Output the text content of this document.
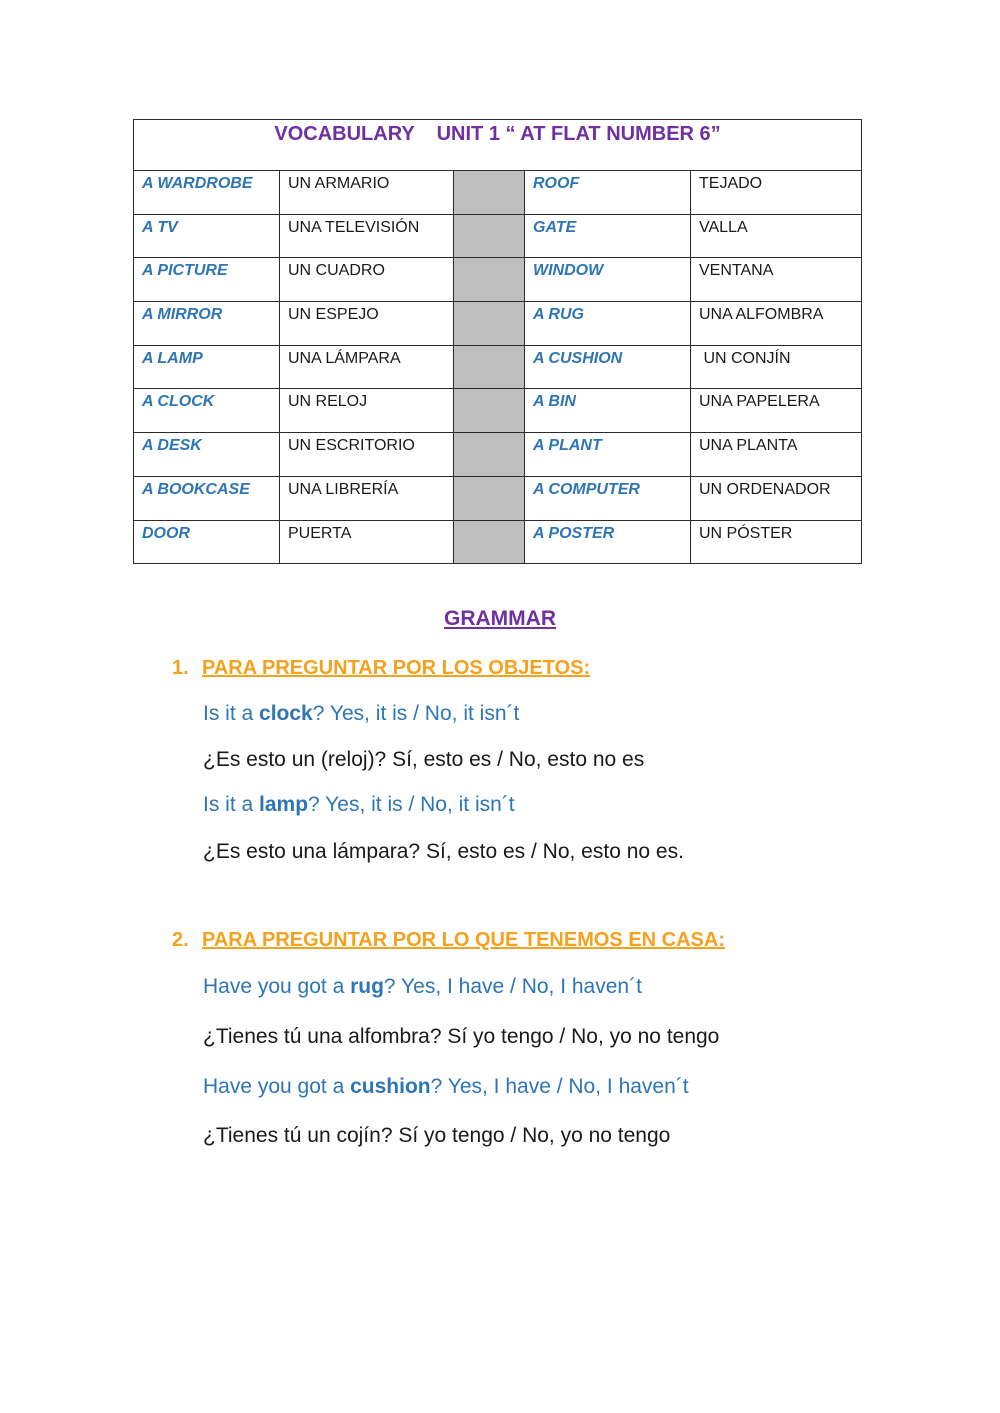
VOCABULARY    UNIT 1 “ AT FLAT NUMBER 6”				
A WARDROBE	UN ARMARIO		ROOF	TEJADO
A TV	UNA TELEVISIÓN		GATE	VALLA
A PICTURE	UN CUADRO		WINDOW	VENTANA
A MIRROR	UN ESPEJO		A RUG	UNA ALFOMBRA
A LAMP	UNA LÁMPARA		A CUSHION	UN CONJÍN
A CLOCK	UN RELOJ		A BIN	UNA PAPELERA
A DESK	UN ESCRITORIO		A PLANT	UNA PLANTA
A BOOKCASE	UNA LIBRERÍA		A COMPUTER	UN ORDENADOR
DOOR	PUERTA		A POSTER	UN PÓSTER
GRAMMAR
1. PARA PREGUNTAR POR LOS OBJETOS:
Is it a clock? Yes, it is / No, it isn´t
¿Es esto un (reloj)? Sí, esto es / No, esto no es
Is it a lamp? Yes, it is / No, it isn´t
¿Es esto una lámpara? Sí, esto es / No, esto no es.
2. PARA PREGUNTAR POR LO QUE TENEMOS EN CASA:
Have you got a rug? Yes, I have / No, I haven´t
¿Tienes tú una alfombra? Sí yo tengo / No, yo no tengo
Have you got a cushion? Yes, I have / No, I haven´t
¿Tienes tú un cojín? Sí yo tengo / No, yo no tengo
